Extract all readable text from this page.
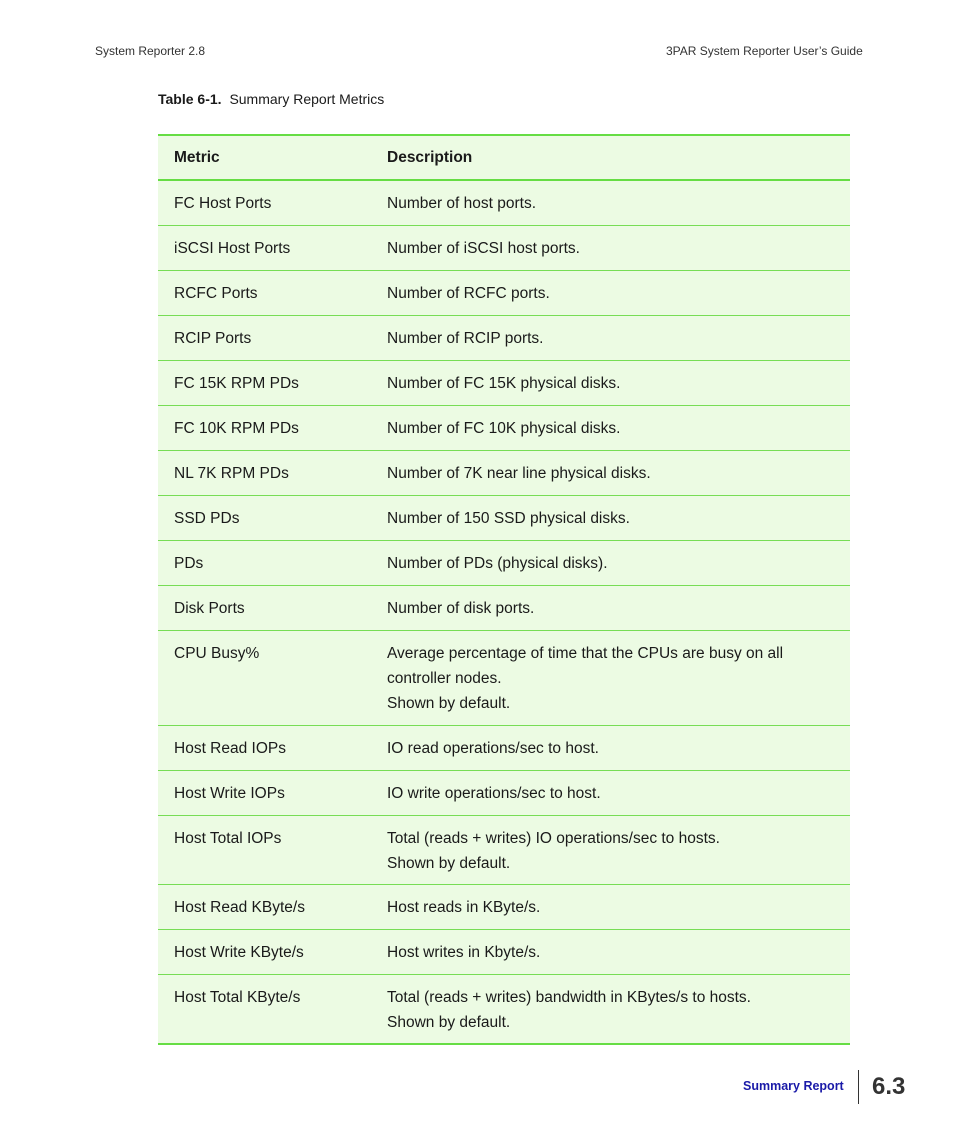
System Reporter 2.8	3PAR System Reporter User’s Guide
Table 6-1. Summary Report Metrics
Metric	Description
FC Host Ports	Number of host ports.

iSCSI Host Ports	Number of iSCSI host ports.

RCFC Ports	Number of RCFC ports.

RCIP Ports	Number of RCIP ports.

FC 15K RPM PDs	Number of FC 15K physical disks.

FC 10K RPM PDs	Number of FC 10K physical disks.

NL 7K RPM PDs	Number of 7K near line physical disks.

SSD PDs	Number of 150 SSD physical disks.

PDs	Number of PDs (physical disks).

Disk Ports	Number of disk ports.

CPU Busy%	Average percentage of time that the CPUs are busy on all
controller nodes.
Shown by default.

Host Read IOPs	IO read operations/sec to host.

Host Write IOPs	IO write operations/sec to host.

Host Total IOPs	Total (reads + writes) IO operations/sec to hosts.
Shown by default.

Host Read KByte/s	Host reads in KByte/s.

Host Write KByte/s	Host writes in Kbyte/s.

Host Total KByte/s	Total (reads + writes) bandwidth in KBytes/s to hosts.
Shown by default.
Summary Report 6.3
